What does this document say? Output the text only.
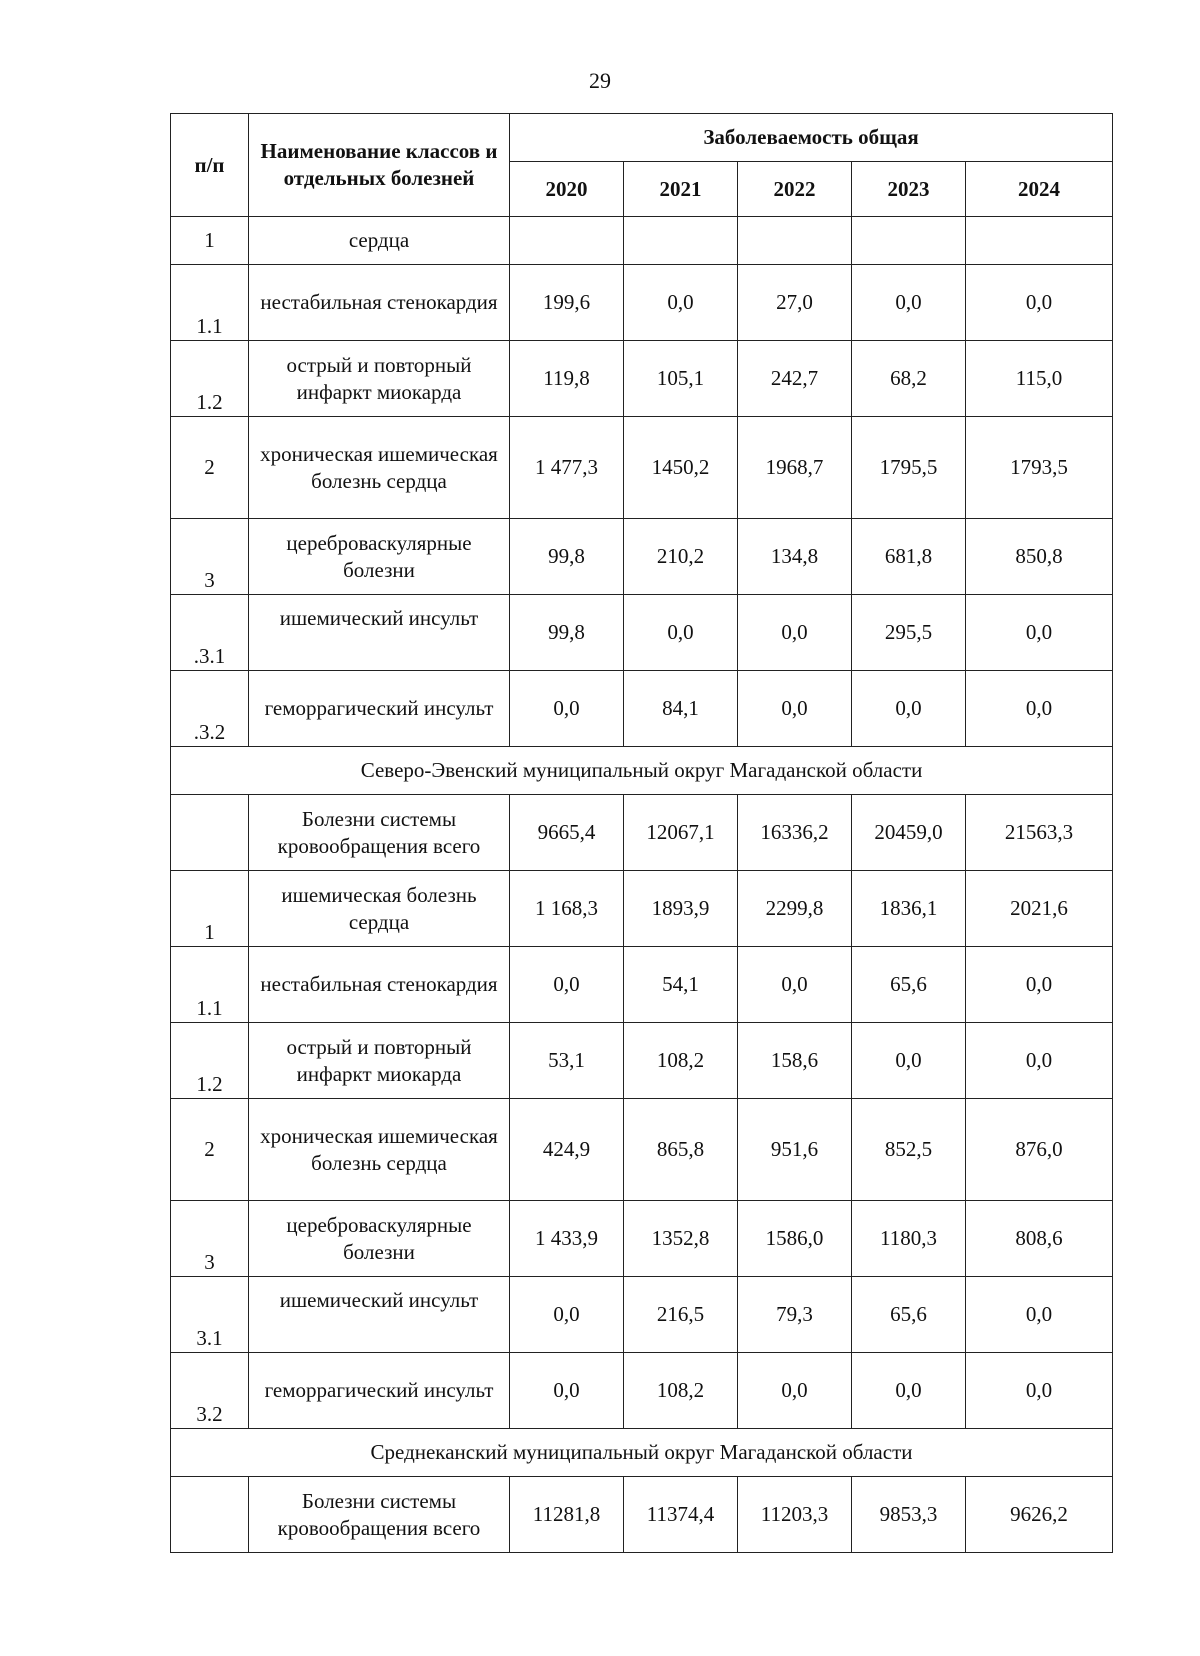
29
п/п	Наименование классов и отдельных болезней	Заболеваемость общая				
		2020	2021	2022	2023	2024
1	сердца					
1.1	нестабильная стенокардия	199,6	0,0	27,0	0,0	0,0
1.2	острый и повторный инфаркт миокарда	119,8	105,1	242,7	68,2	115,0
2	хроническая ишемическая болезнь сердца	1 477,3	1450,2	1968,7	1795,5	1793,5
3	цереброваскулярные болезни	99,8	210,2	134,8	681,8	850,8
.3.1	ишемический инсульт	99,8	0,0	0,0	295,5	0,0
.3.2	геморрагический инсульт	0,0	84,1	0,0	0,0	0,0
Северо-Эвенский муниципальный округ Магаданской области						
	Болезни системы кровообращения всего	9665,4	12067,1	16336,2	20459,0	21563,3
1	ишемическая болезнь сердца	1 168,3	1893,9	2299,8	1836,1	2021,6
1.1	нестабильная стенокардия	0,0	54,1	0,0	65,6	0,0
1.2	острый и повторный инфаркт миокарда	53,1	108,2	158,6	0,0	0,0
2	хроническая ишемическая болезнь сердца	424,9	865,8	951,6	852,5	876,0
3	цереброваскулярные болезни	1 433,9	1352,8	1586,0	1180,3	808,6
3.1	ишемический инсульт	0,0	216,5	79,3	65,6	0,0
3.2	геморрагический инсульт	0,0	108,2	0,0	0,0	0,0
Среднеканский муниципальный округ Магаданской области						
	Болезни системы кровообращения всего	11281,8	11374,4	11203,3	9853,3	9626,2
